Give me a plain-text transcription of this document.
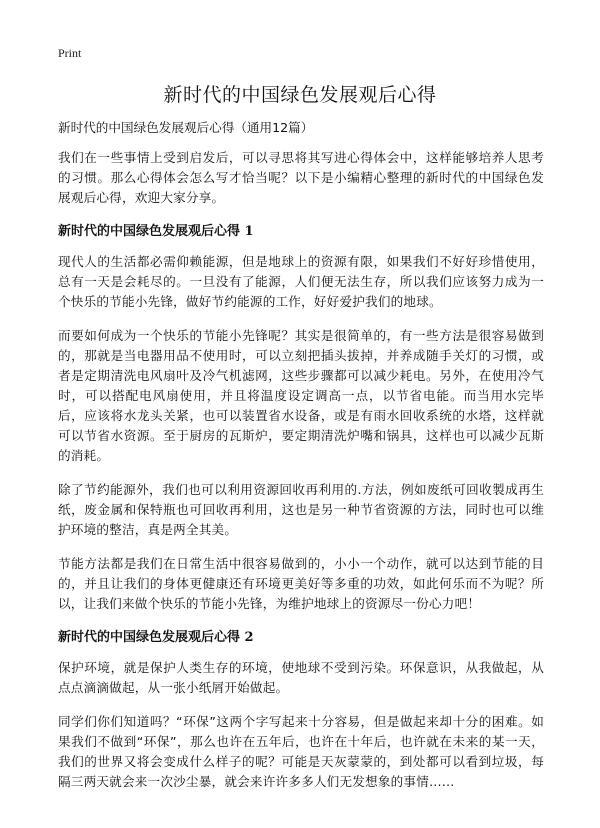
Print
新时代的中国绿色发展观后心得
新时代的中国绿色发展观后心得（通用12篇）

我们在一些事情上受到启发后，可以寻思将其写进心得体会中，这样能够培养人思考的习惯。那么心得体会怎么写才恰当呢？以下是小编精心整理的新时代的中国绿色发展观后心得，欢迎大家分享。

新时代的中国绿色发展观后心得 1

现代人的生活都必需仰赖能源，但是地球上的资源有限，如果我们不好好珍惜使用，总有一天是会耗尽的。一旦没有了能源，人们便无法生存，所以我们应该努力成为一个快乐的节能小先锋，做好节约能源的工作，好好爱护我们的地球。

而要如何成为一个快乐的节能小先锋呢？其实是很简单的，有一些方法是很容易做到的，那就是当电器用品不使用时，可以立刻把插头拔掉，并养成随手关灯的习惯，或者是定期清洗电风扇叶及冷气机滤网，这些步骤都可以减少耗电。另外，在使用冷气时，可以搭配电风扇使用，并且将温度设定调高一点，以节省电能。而当用水完毕后，应该将水龙头关紧，也可以装置省水设备，或是有雨水回收系统的水塔，这样就可以节省水资源。至于厨房的瓦斯炉，要定期清洗炉嘴和锅具，这样也可以减少瓦斯的消耗。

除了节约能源外，我们也可以利用资源回收再利用的.方法，例如废纸可回收製成再生纸，废金属和保特瓶也可回收再利用，这也是另一种节省资源的方法，同时也可以维护环境的整洁，真是两全其美。

节能方法都是我们在日常生活中很容易做到的，小小一个动作，就可以达到节能的目的，并且让我们的身体更健康还有环境更美好等多重的功效，如此何乐而不为呢？所以，让我们来做个快乐的节能小先锋，为维护地球上的资源尽一份心力吧！

新时代的中国绿色发展观后心得 2

保护环境，就是保护人类生存的环境，使地球不受到污染。环保意识，从我做起，从点点滴滴做起，从一张小纸屑开始做起。

同学们你们知道吗？“环保”这两个字写起来十分容易，但是做起来却十分的困难。如果我们不做到“环保”，那么也许在五年后，也许在十年后，也许就在未来的某一天，我们的世界又将会变成什么样子的呢？可能是天灰蒙蒙的，到处都可以看到垃圾，每隔三两天就会来一次沙尘暴，就会来许许多多人们无发想象的事情……
